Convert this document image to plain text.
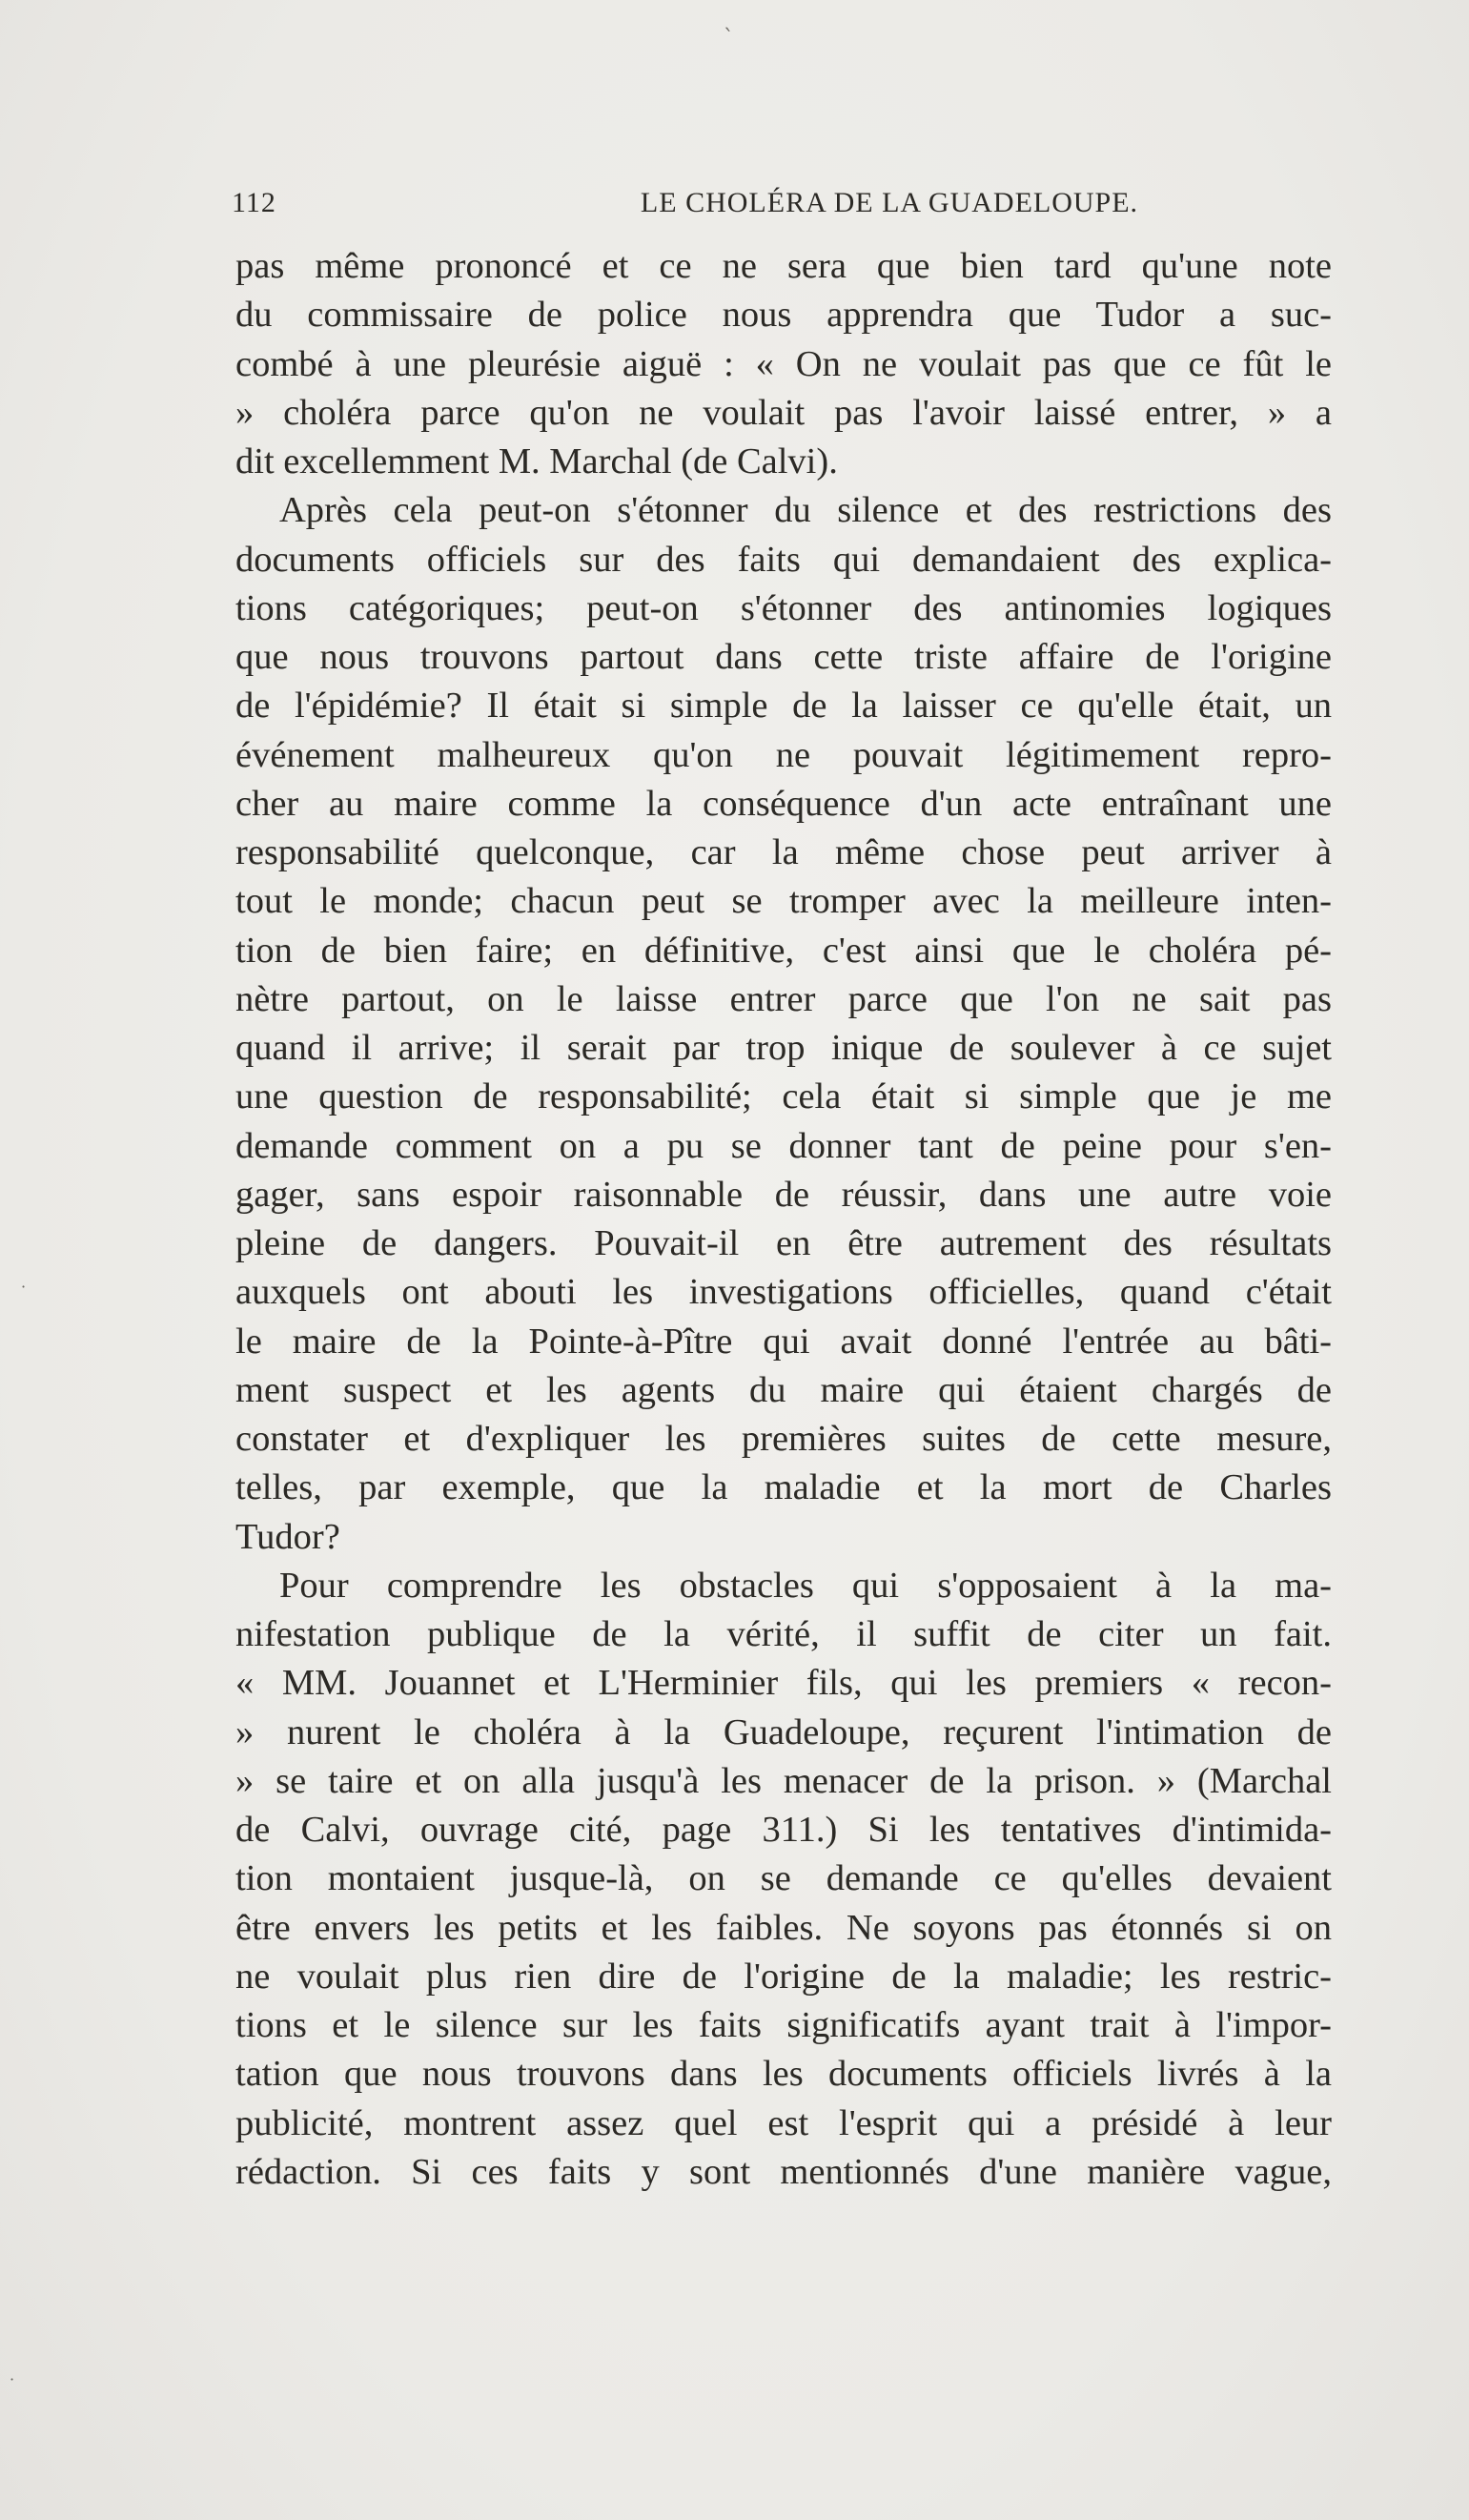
`
·
·
112	LE CHOLÉRA DE LA GUADELOUPE.
pas même prononcé et ce ne sera que bien tard qu'une note
du commissaire de police nous apprendra que Tudor a suc-
combé à une pleurésie aiguë : « On ne voulait pas que ce fût le
» choléra parce qu'on ne voulait pas l'avoir laissé entrer, » a
dit excellemment M. Marchal (de Calvi).
Après cela peut-on s'étonner du silence et des restrictions des
documents officiels sur des faits qui demandaient des explica-
tions catégoriques; peut-on s'étonner des antinomies logiques
que nous trouvons partout dans cette triste affaire de l'origine
de l'épidémie? Il était si simple de la laisser ce qu'elle était, un
événement malheureux qu'on ne pouvait légitimement repro-
cher au maire comme la conséquence d'un acte entraînant une
responsabilité quelconque, car la même chose peut arriver à
tout le monde; chacun peut se tromper avec la meilleure inten-
tion de bien faire; en définitive, c'est ainsi que le choléra pé-
nètre partout, on le laisse entrer parce que l'on ne sait pas
quand il arrive; il serait par trop inique de soulever à ce sujet
une question de responsabilité; cela était si simple que je me
demande comment on a pu se donner tant de peine pour s'en-
gager, sans espoir raisonnable de réussir, dans une autre voie
pleine de dangers. Pouvait-il en être autrement des résultats
auxquels ont abouti les investigations officielles, quand c'était
le maire de la Pointe-à-Pître qui avait donné l'entrée au bâti-
ment suspect et les agents du maire qui étaient chargés de
constater et d'expliquer les premières suites de cette mesure,
telles, par exemple, que la maladie et la mort de Charles
Tudor?
Pour comprendre les obstacles qui s'opposaient à la ma-
nifestation publique de la vérité, il suffit de citer un fait.
« MM. Jouannet et L'Herminier fils, qui les premiers « recon-
» nurent le choléra à la Guadeloupe, reçurent l'intimation de
» se taire et on alla jusqu'à les menacer de la prison. » (Marchal
de Calvi, ouvrage cité, page 311.) Si les tentatives d'intimida-
tion montaient jusque-là, on se demande ce qu'elles devaient
être envers les petits et les faibles. Ne soyons pas étonnés si on
ne voulait plus rien dire de l'origine de la maladie; les restric-
tions et le silence sur les faits significatifs ayant trait à l'impor-
tation que nous trouvons dans les documents officiels livrés à la
publicité, montrent assez quel est l'esprit qui a présidé à leur
rédaction. Si ces faits y sont mentionnés d'une manière vague,
